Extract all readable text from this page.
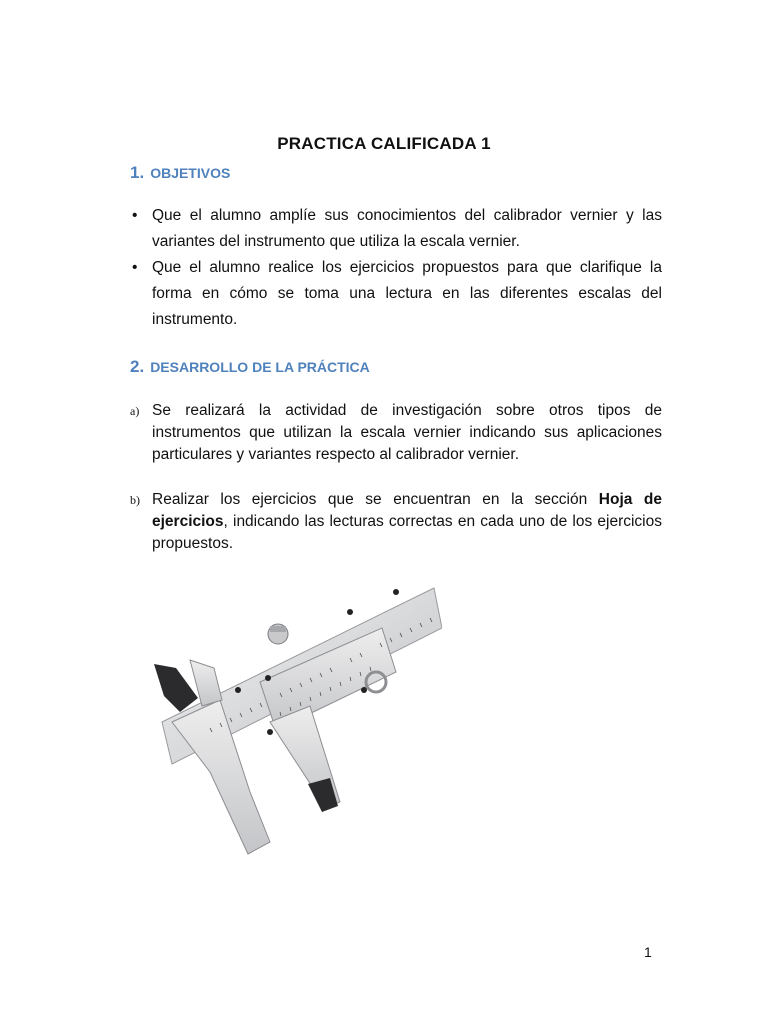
PRACTICA CALIFICADA 1
1. OBJETIVOS
• Que el alumno amplíe sus conocimientos del calibrador vernier y las variantes del instrumento que utiliza la escala vernier.
• Que el alumno realice los ejercicios propuestos para que clarifique la forma en cómo se toma una lectura en las diferentes escalas del instrumento.
2. DESARROLLO DE LA PRÁCTICA
a) Se realizará la actividad de investigación sobre otros tipos de instrumentos que utilizan la escala vernier indicando sus aplicaciones particulares y variantes respecto al calibrador vernier.
b) Realizar los ejercicios que se encuentran en la sección Hoja de ejercicios, indicando las lecturas correctas en cada uno de los ejercicios propuestos.
1
